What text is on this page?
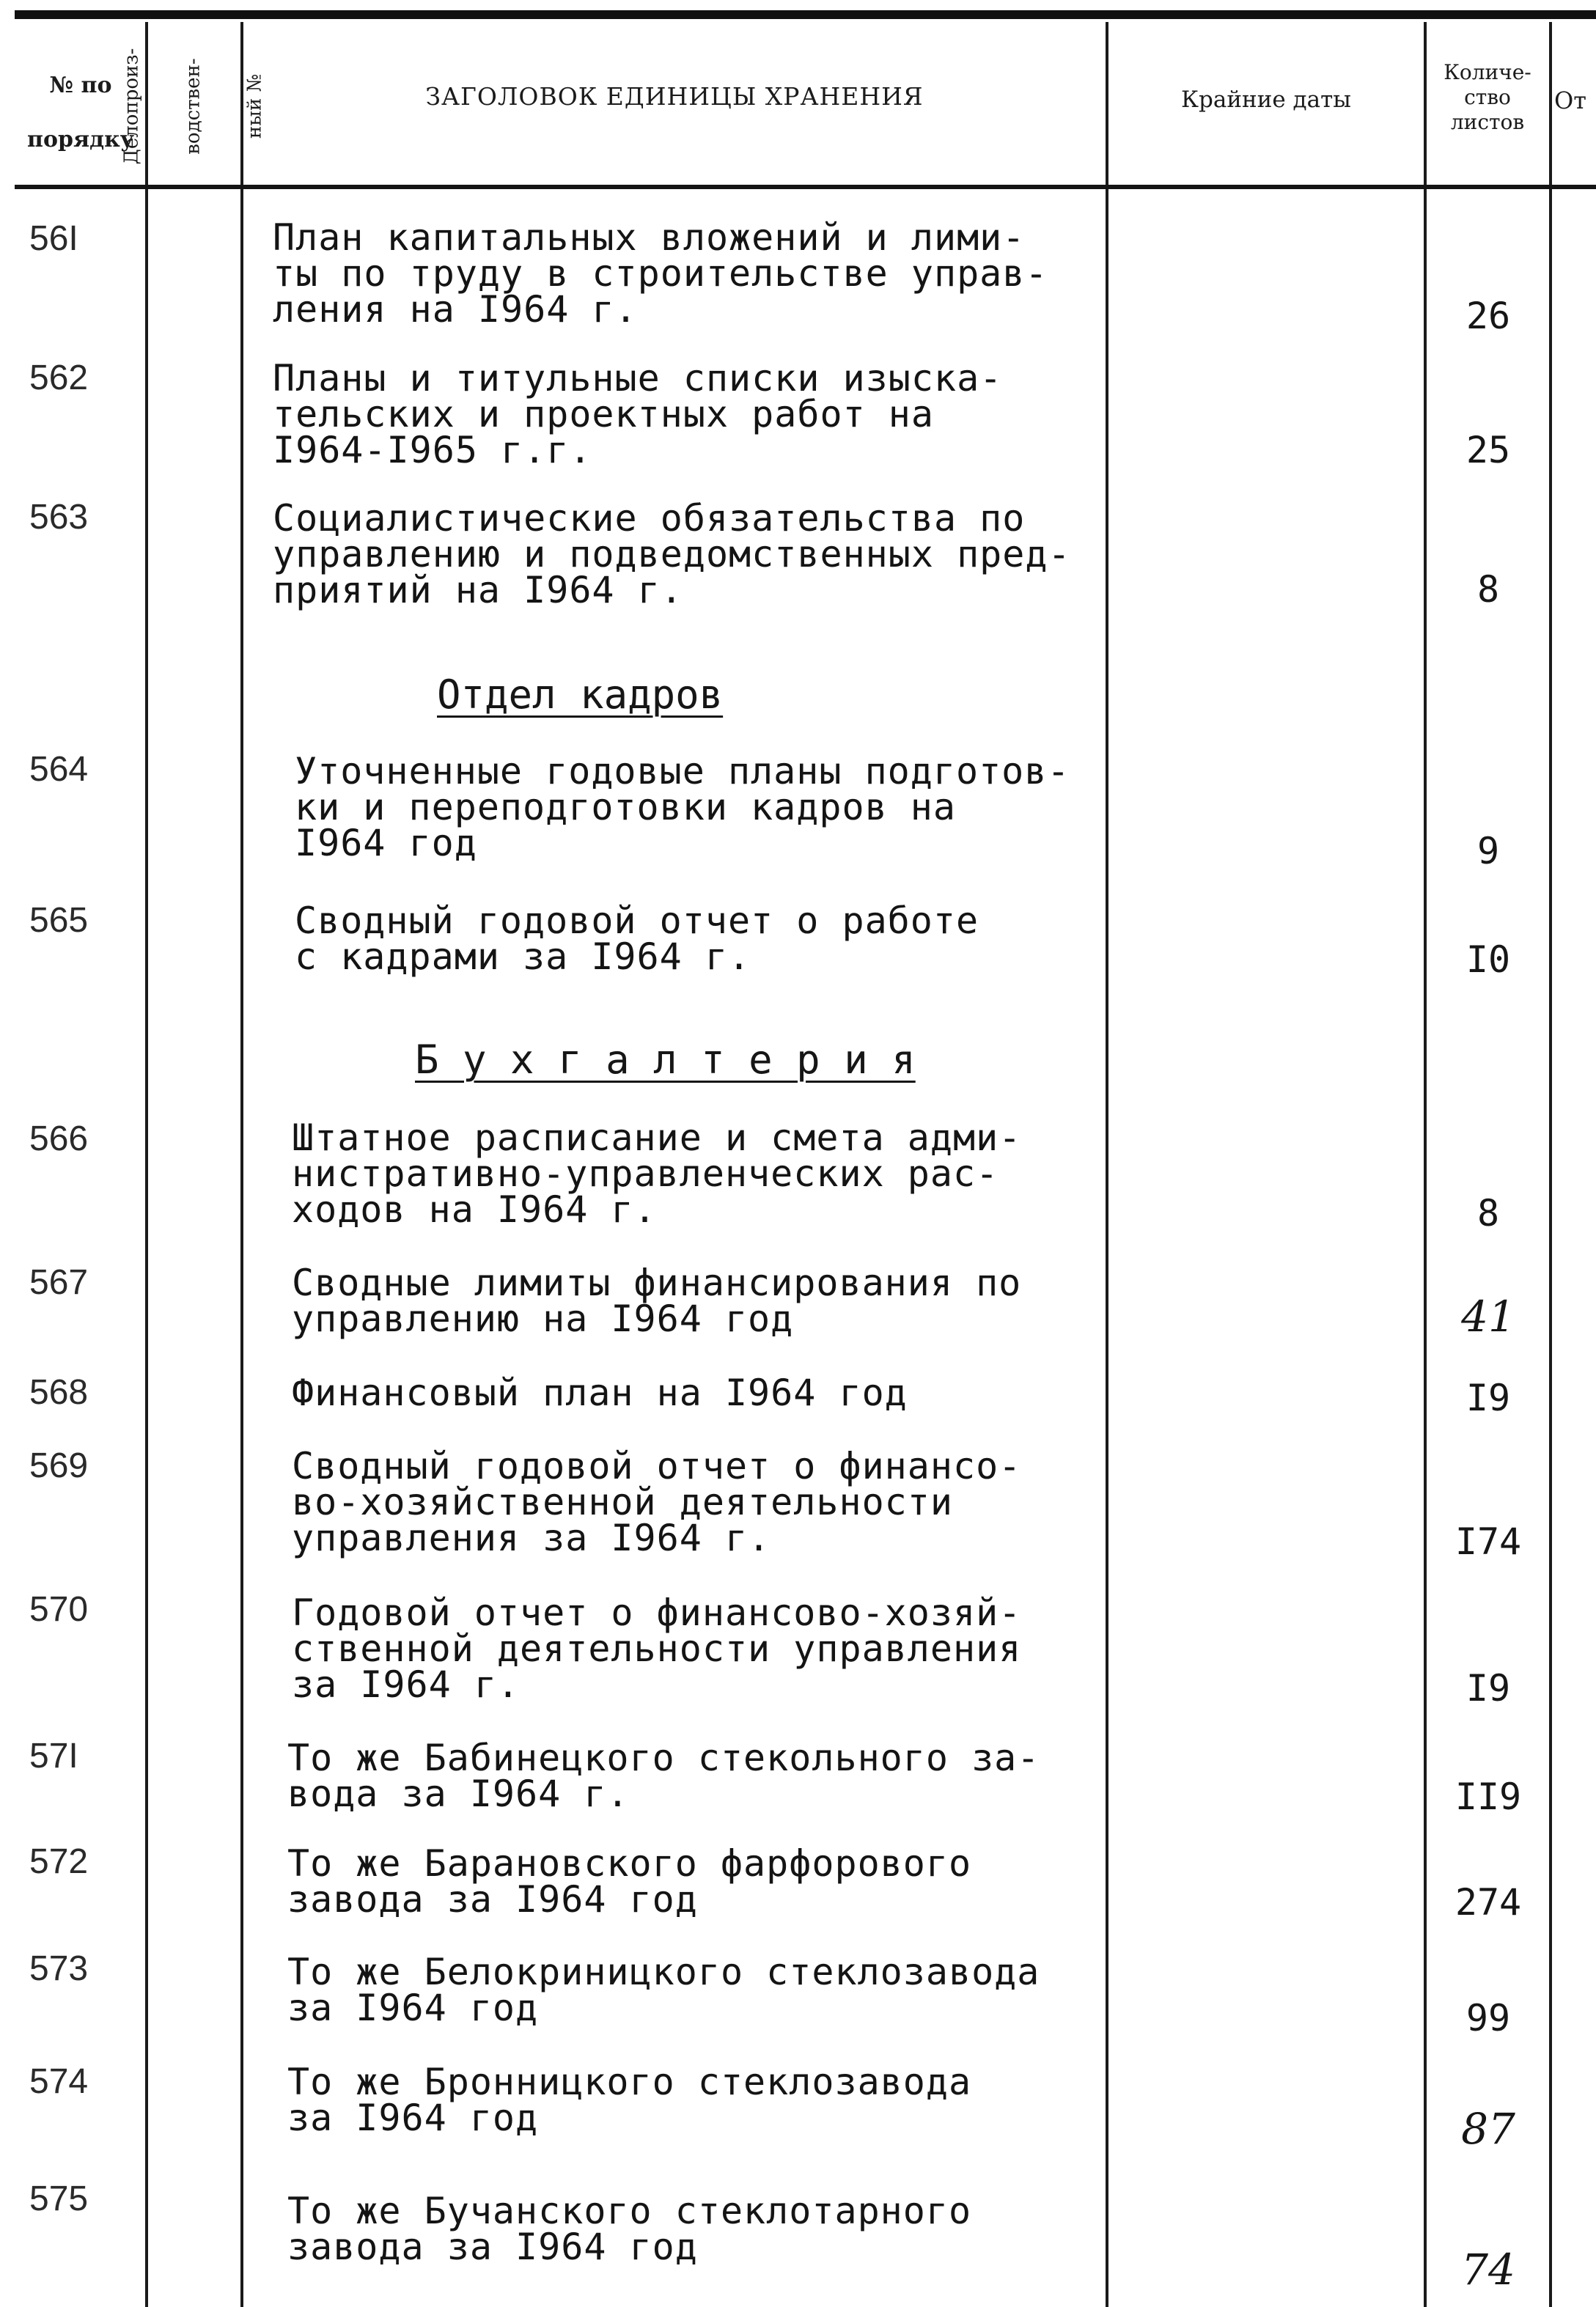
№ по
порядку

Делопроиз-

водствен-

ный №

	ЗАГОЛОВОК ЕДИНИЦЫ ХРАНЕНИЯ	Крайние даты
Количе-
ство
листов
От
Отдел кадров
Б у х г а л т е р и я
56I	План капитальных вложений и лими-
ты по труду в строительстве управ-
ления на I964 г.	26
562	Планы и титульные списки изыска-
тельских и проектных работ на
I964-I965 г.г.	25
563	Социалистические обязательства по
управлению и подведомственных пред-
приятий на I964 г.	8
564	Уточненные годовые планы подготов-
ки и переподготовки кадров на
I964 год	9
565	Сводный годовой отчет о работе
с кадрами за I964 г.	I0
566	Штатное расписание и смета адми-
нистративно-управленческих рас-
ходов на I964 г.	8
567	Сводные лимиты финансирования по
управлению на I964 год	41
568	Финансовый план на I964 год	I9
569	Сводный годовой отчет о финансо-
во-хозяйственной деятельности
управления за I964 г.	I74
570	Годовой отчет о финансово-хозяй-
ственной деятельности управления
за I964 г.	I9
57I	То же Бабинецкого стекольного за-
вода за I964 г.	II9
572	То же Барановского фарфорового
завода за I964 год	274
573	То же Белокриницкого стеклозавода
за I964 год	99
574	То же Бронницкого стеклозавода
за I964 год	87
575	То же Бучанского стеклотарного
завода за I964 год	74
